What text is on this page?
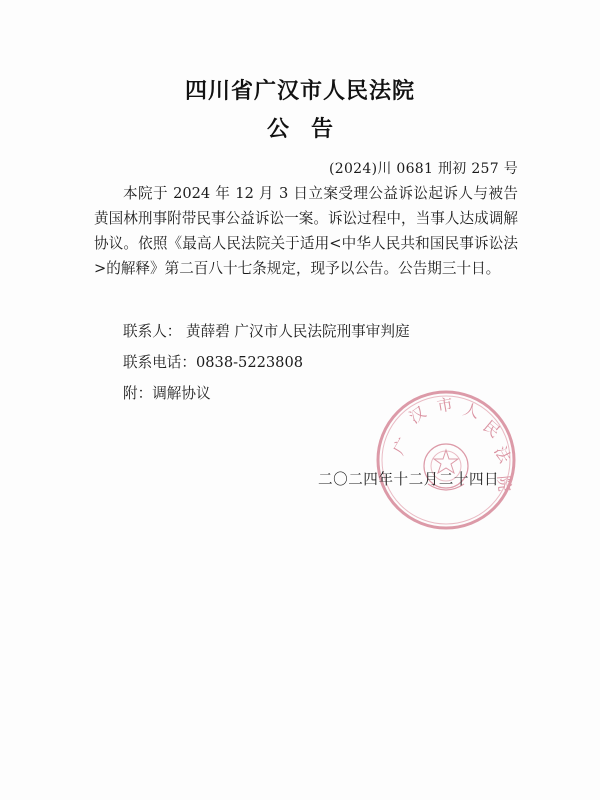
四川省广汉市人民法院
公告
(2024)川 0681 刑初 257 号

本院于 2024 年 12 月 3 日立案受理公益诉讼起诉人与被告黄国林刑事附带民事公益诉讼一案。诉讼过程中，当事人达成调解协议。依照《最高人民法院关于适用<中华人民共和国民事诉讼法>的解释》第二百八十七条规定，现予以公告。公告期三十日。

联系人： 黄薛碧 广汉市人民法院刑事审判庭
联系电话：0838-5223808
附：调解协议
广
汉 市 人
民
法
院
二〇二四年十二月二十四日
